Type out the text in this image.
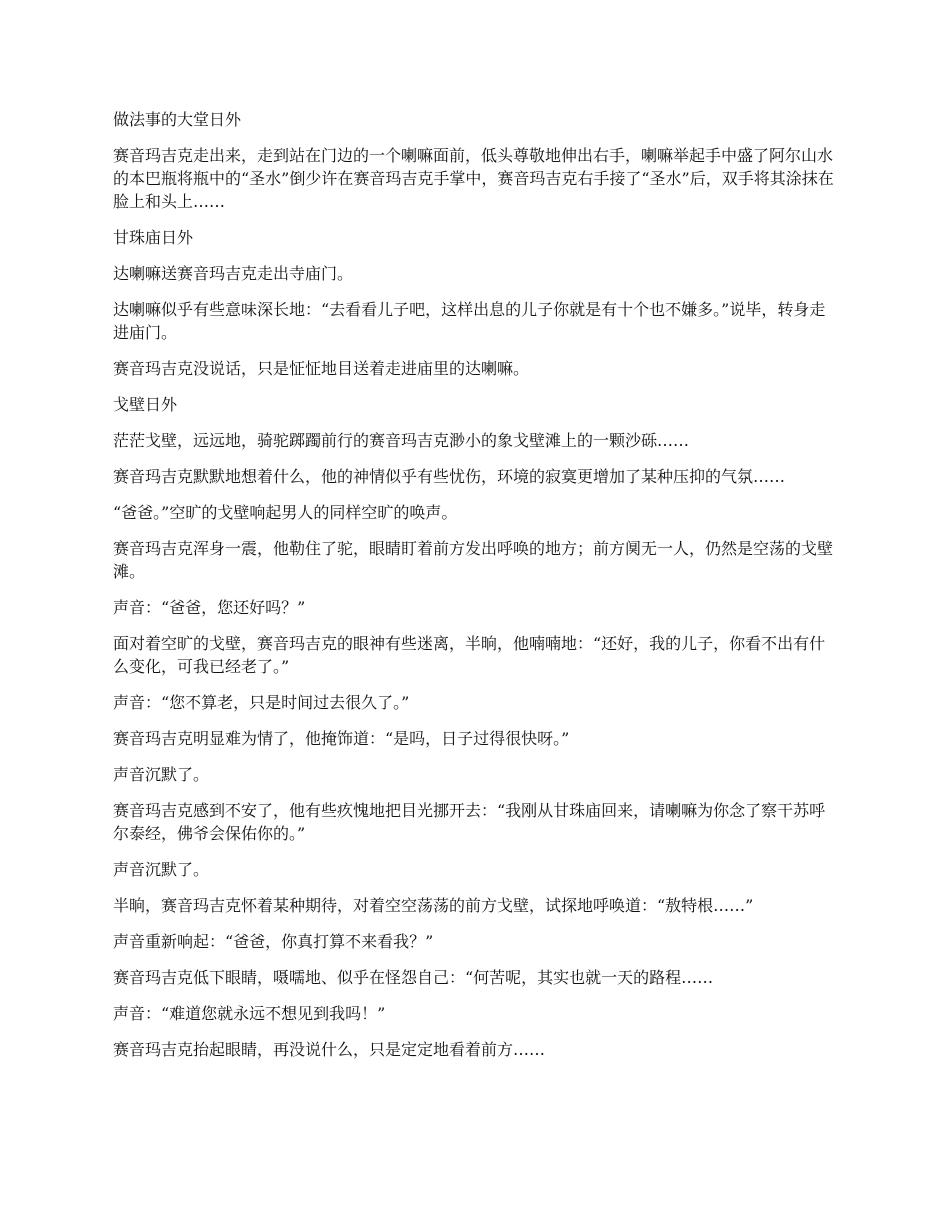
做法事的大堂日外

赛音玛吉克走出来，走到站在门边的一个喇嘛面前，低头尊敬地伸出右手，喇嘛举起手中盛了阿尔山水的本巴瓶将瓶中的“圣水”倒少许在赛音玛吉克手掌中，赛音玛吉克右手接了“圣水”后，双手将其涂抹在脸上和头上……

甘珠庙日外

达喇嘛送赛音玛吉克走出寺庙门。

达喇嘛似乎有些意味深长地：“去看看儿子吧，这样出息的儿子你就是有十个也不嫌多。”说毕，转身走进庙门。

赛音玛吉克没说话，只是怔怔地目送着走进庙里的达喇嘛。

戈壁日外

茫茫戈壁，远远地，骑驼踯躅前行的赛音玛吉克渺小的象戈壁滩上的一颗沙砾……

赛音玛吉克默默地想着什么，他的神情似乎有些忧伤，环境的寂寞更增加了某种压抑的气氛……

“爸爸。”空旷的戈壁响起男人的同样空旷的唤声。

赛音玛吉克浑身一震，他勒住了驼，眼睛盯着前方发出呼唤的地方；前方阒无一人，仍然是空荡的戈壁滩。

声音：“爸爸，您还好吗？”

面对着空旷的戈壁，赛音玛吉克的眼神有些迷离，半晌，他喃喃地：“还好，我的儿子，你看不出有什么变化，可我已经老了。”

声音：“您不算老，只是时间过去很久了。”

赛音玛吉克明显难为情了，他掩饰道：“是吗，日子过得很快呀。”

声音沉默了。

赛音玛吉克感到不安了，他有些疚愧地把目光挪开去：“我刚从甘珠庙回来，请喇嘛为你念了察干苏呼尔泰经，佛爷会保佑你的。”

声音沉默了。

半晌，赛音玛吉克怀着某种期待，对着空空荡荡的前方戈壁，试探地呼唤道：“敖特根……”

声音重新响起：“爸爸，你真打算不来看我？”

赛音玛吉克低下眼睛，嗫嚅地、似乎在怪怨自己：“何苦呢，其实也就一天的路程……

声音：“难道您就永远不想见到我吗！”

赛音玛吉克抬起眼睛，再没说什么，只是定定地看着前方……
